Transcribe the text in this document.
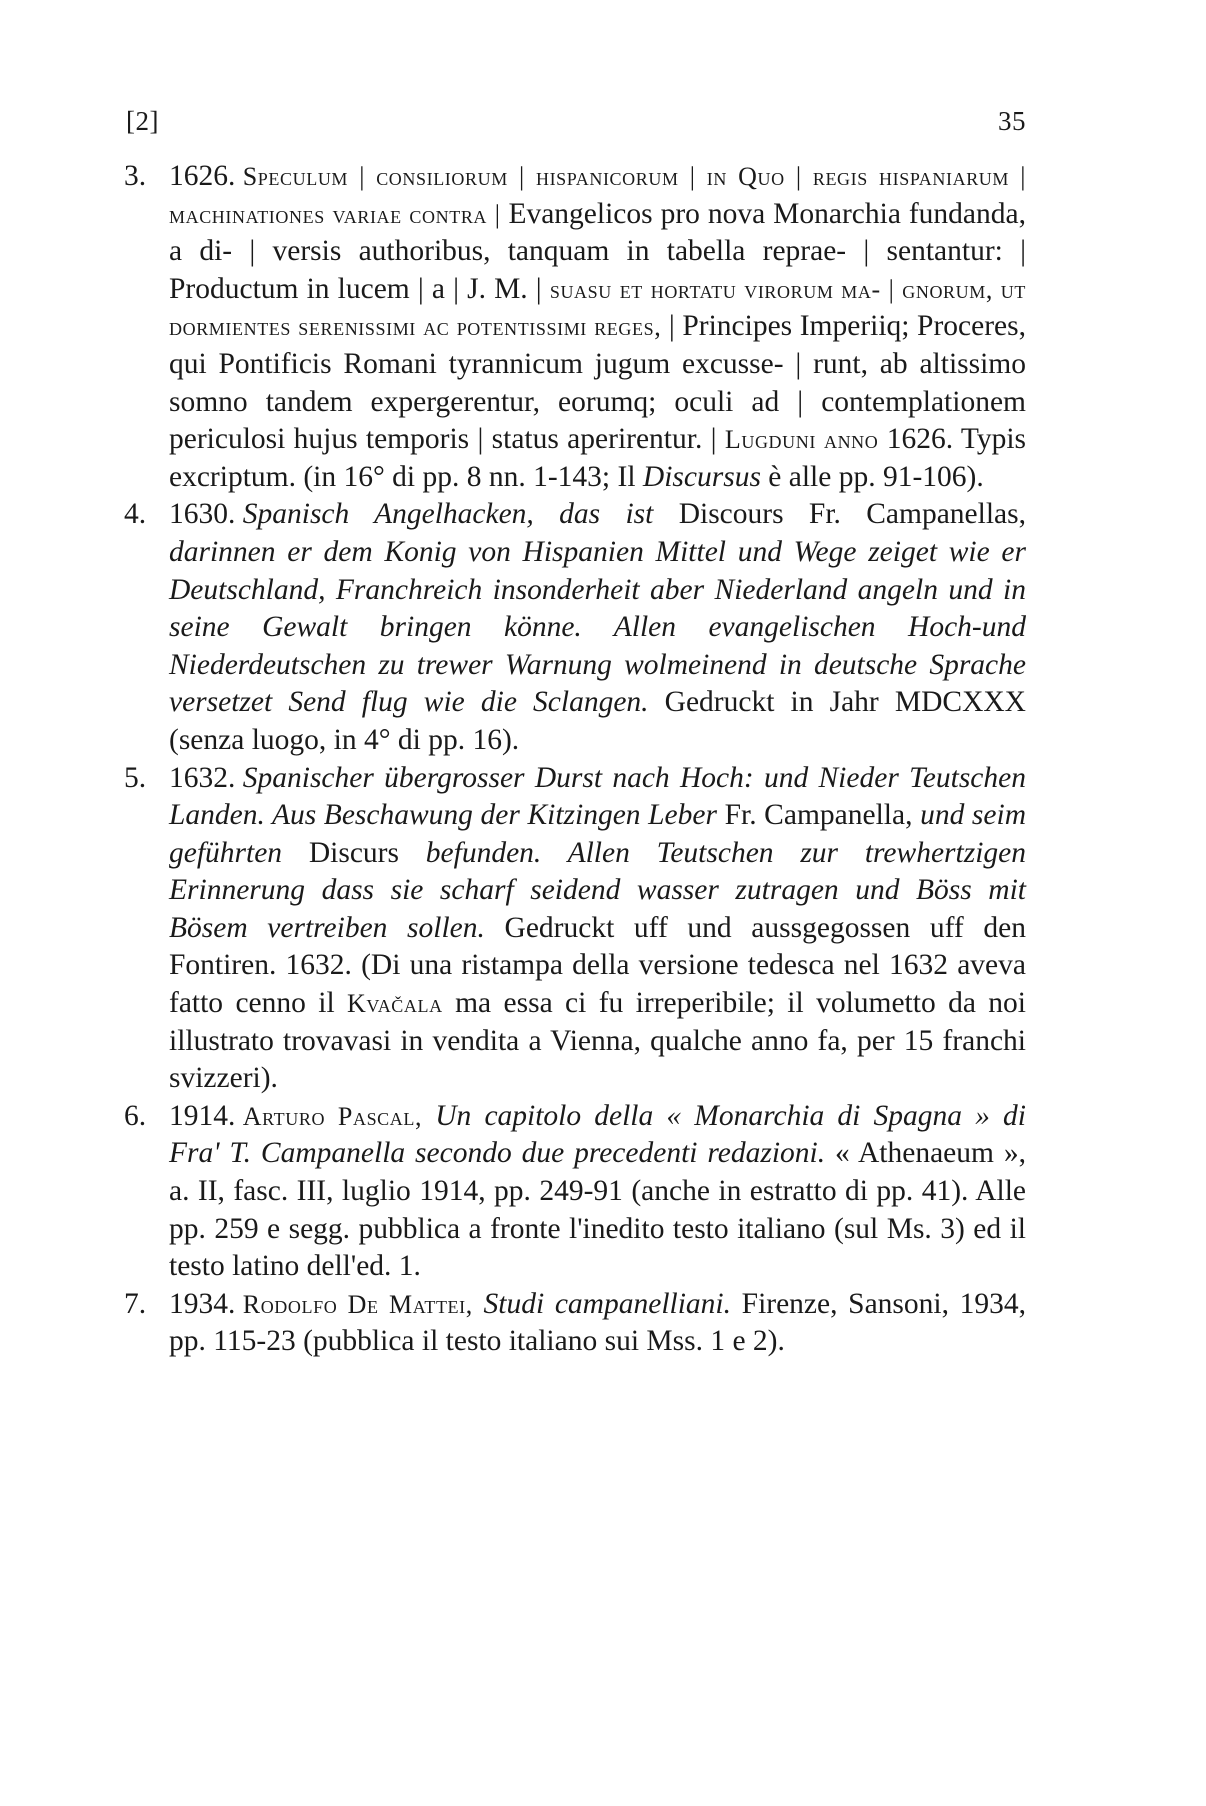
[2]	35
3. 1626. Speculum | consiliorum | hispanicorum | in Quo | regis hispaniarum | machinationes variae contra | Evangelicos pro nova Monarchia fundanda, a di- | versis authoribus, tanquam in tabella reprae- | sentantur: | Productum in lucem | a | J. M. | suasu et hortatu virorum ma- | gnorum, ut dormientes serenissimi ac potentissimi reges, | Principes Imperiiq; Proceres, qui Pontificis Romani tyrannicum jugum excusse- | runt, ab altissimo somno tandem expergerentur, eorumq; oculi ad | contemplationem periculosi hujus temporis | status aperirentur. | Lugduni anno 1626. Typis excriptum. (in 16° di pp. 8 nn. 1-143; Il Discursus è alle pp. 91-106).
4. 1630. Spanisch Angelhacken, das ist Discours Fr. Campanellas, darinnen er dem Konig von Hispanien Mittel und Wege zeiget wie er Deutschland, Franchreich insonderheit aber Niederland angeln und in seine Gewalt bringen könne. Allen evangelischen Hoch-und Niederdeutschen zu trewer Warnung wolmeinend in deutsche Sprache versetzet Send flug wie die Sclangen. Gedruckt in Jahr MDCXXX (senza luogo, in 4° di pp. 16).
5. 1632. Spanischer übergrosser Durst nach Hoch: und Nieder Teutschen Landen. Aus Beschawung der Kitzingen Leber Fr. Campanella, und seim geführten Discurs befunden. Allen Teutschen zur trewhertzigen Erinnerung dass sie scharf seidend wasser zutragen und Böss mit Bösem vertreiben sollen. Gedruckt uff und aussgegossen uff den Fontiren. 1632. (Di una ristampa della versione tedesca nel 1632 aveva fatto cenno il Kvačala ma essa ci fu irreperibile; il volumetto da noi illustrato trovavasi in vendita a Vienna, qualche anno fa, per 15 franchi svizzeri).
6. 1914. Arturo Pascal, Un capitolo della « Monarchia di Spagna » di Fra' T. Campanella secondo due precedenti redazioni. « Athenaeum », a. II, fasc. III, luglio 1914, pp. 249-91 (anche in estratto di pp. 41). Alle pp. 259 e segg. pubblica a fronte l'inedito testo italiano (sul Ms. 3) ed il testo latino dell'ed. 1.
7. 1934. Rodolfo De Mattei, Studi campanelliani. Firenze, Sansoni, 1934, pp. 115-23 (pubblica il testo italiano sui Mss. 1 e 2).
